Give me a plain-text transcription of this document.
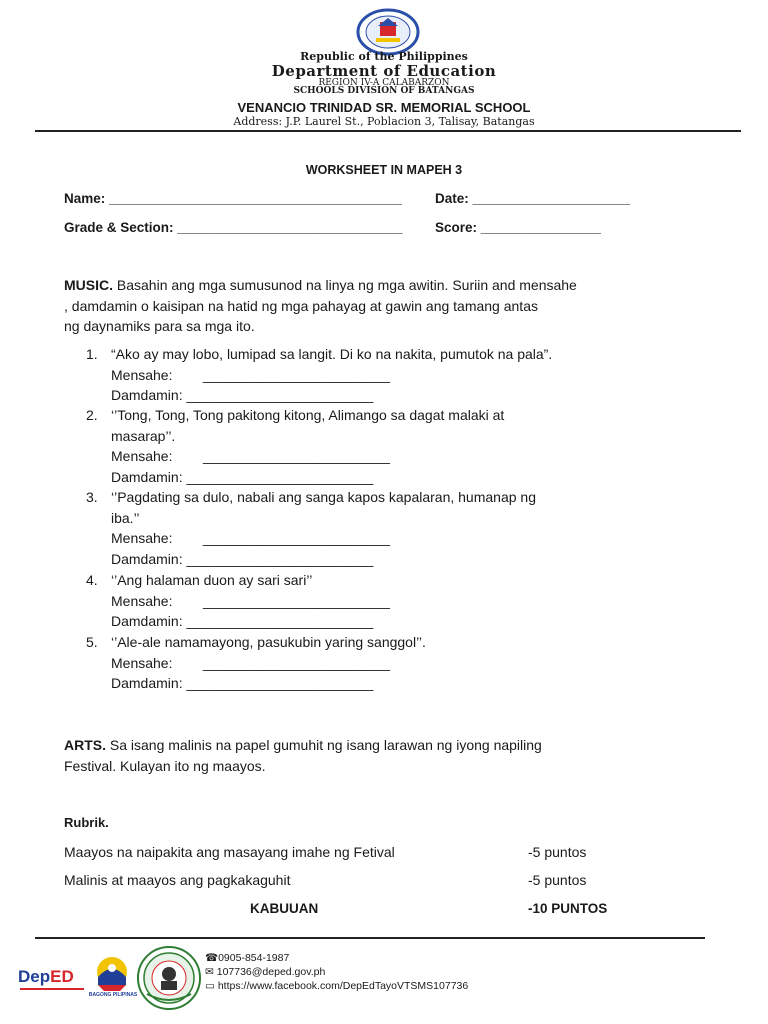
Republic of the Philippines
Department of Education
REGION IV-A CALABARZON
SCHOOLS DIVISION OF BATANGAS
VENANCIO TRINIDAD SR. MEMORIAL SCHOOL
Address: J.P. Laurel St., Poblacion 3, Talisay, Batangas
WORKSHEET IN MAPEH 3
Name: _______________________________________ Date: _____________________
Grade & Section: ______________________________ Score: ________________
MUSIC. Basahin ang mga sumusunod na linya ng mga awitin. Suriin and mensahe
, damdamin o kaisipan na hatid ng mga pahayag at gawin ang tamang antas
ng daynamiks para sa mga ito.
1. “Ako ay may lobo, lumipad sa langit. Di ko na nakita, pumutok na pala”.
Mensahe: ________________________
Damdamin: ________________________
2. ‘’Tong, Tong, Tong pakitong kitong, Alimango sa dagat malaki at
masarap’’.
Mensahe: ________________________
Damdamin: ________________________
3. ‘’Pagdating sa dulo, nabali ang sanga kapos kapalaran, humanap ng
iba.’’
Mensahe: ________________________
Damdamin: ________________________
4. ‘’Ang halaman duon ay sari sari’’
Mensahe: ________________________
Damdamin: ________________________
5. ‘’Ale-ale namamayong, pasukubin yaring sanggol’’.
Mensahe: ________________________
Damdamin: ________________________
ARTS. Sa isang malinis na papel gumuhit ng isang larawan ng iyong napiling
Festival. Kulayan ito ng maayos.
Rubrik.
Maayos na naipakita ang masayang imahe ng Fetival	-5 puntos
Malinis at maayos ang pagkakaguhit	-5 puntos
KABUUAN	-10 PUNTOS
DepED
BAGONG PILIPINAS
☎0905-854-1987
✉ 107736@deped.gov.ph
▭ https://www.facebook.com/DepEdTayoVTSMS107736
